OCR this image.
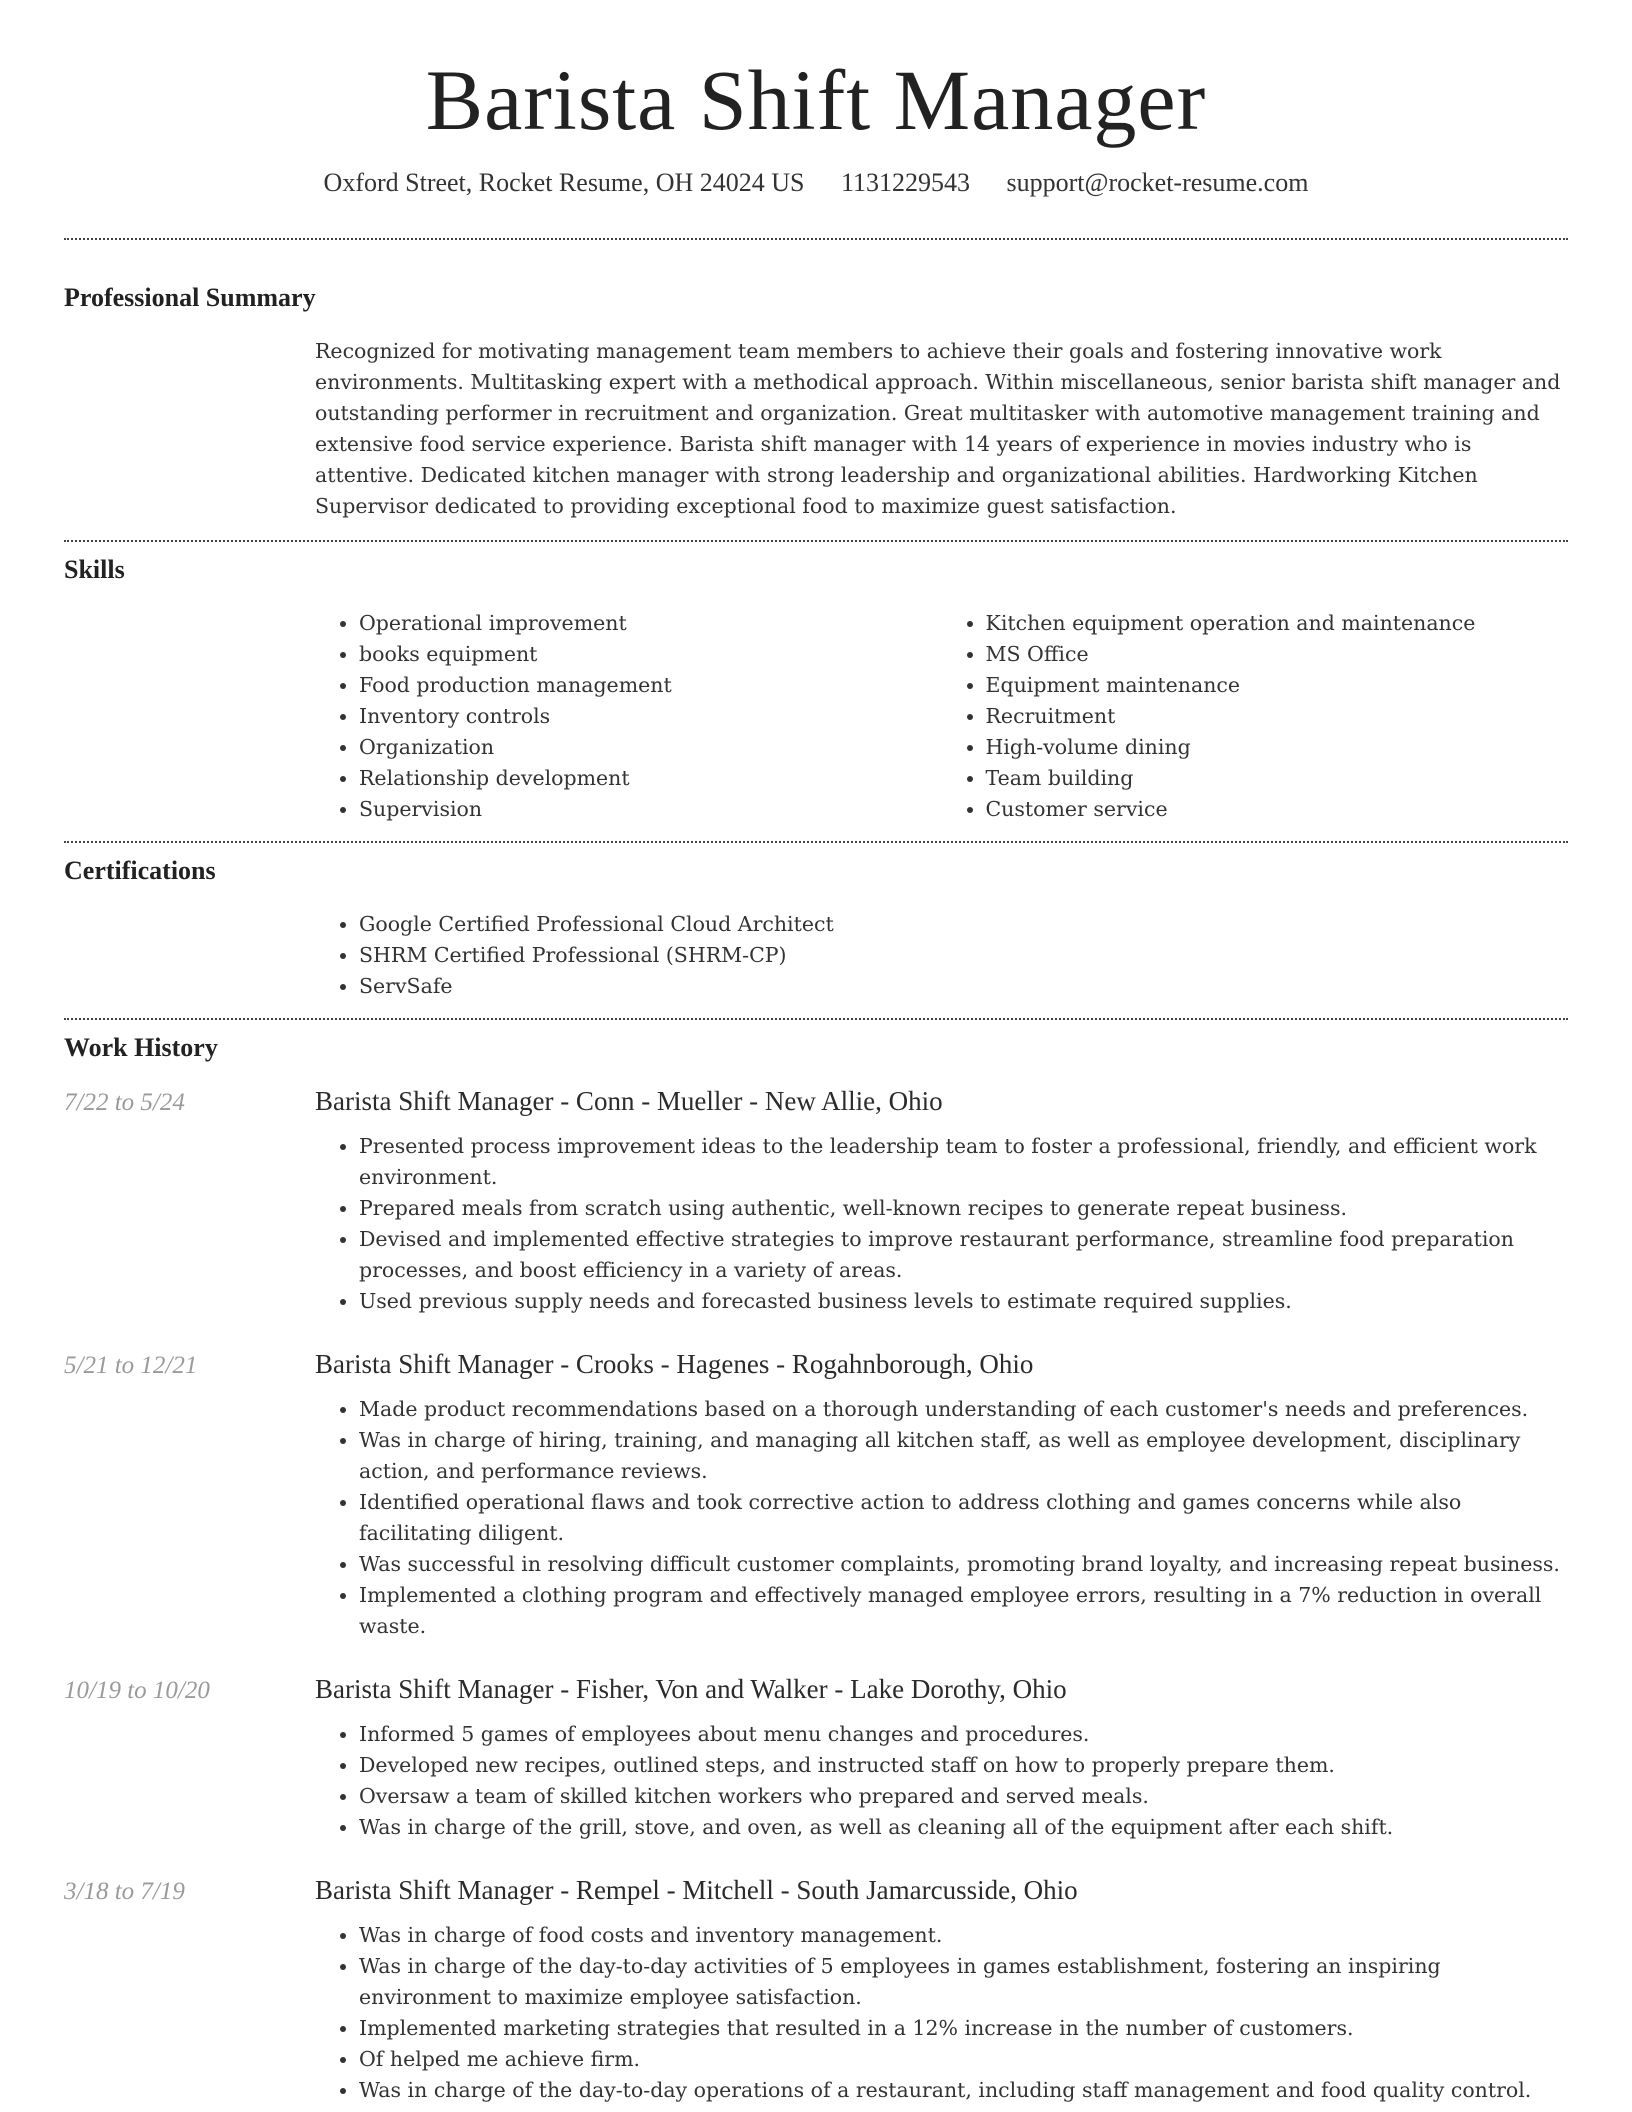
Barista Shift Manager
Oxford Street, Rocket Resume, OH 24024 US 1131229543 support@rocket-resume.com
Professional Summary
Recognized for motivating management team members to achieve their goals and fostering innovative work environments. Multitasking expert with a methodical approach. Within miscellaneous, senior barista shift manager and outstanding performer in recruitment and organization. Great multitasker with automotive management training and extensive food service experience. Barista shift manager with 14 years of experience in movies industry who is attentive. Dedicated kitchen manager with strong leadership and organizational abilities. Hardworking Kitchen Supervisor dedicated to providing exceptional food to maximize guest satisfaction.
Skills
• Operational improvement
• books equipment
• Food production management
• Inventory controls
• Organization
• Relationship development
• Supervision
• Kitchen equipment operation and maintenance
• MS Office
• Equipment maintenance
• Recruitment
• High-volume dining
• Team building
• Customer service
Certifications
• Google Certified Professional Cloud Architect
• SHRM Certified Professional (SHRM-CP)
• ServSafe
Work History
7/22 to 5/24	Barista Shift Manager - Conn - Mueller - New Allie, Ohio
• Presented process improvement ideas to the leadership team to foster a professional, friendly, and efficient work environment.
• Prepared meals from scratch using authentic, well-known recipes to generate repeat business.
• Devised and implemented effective strategies to improve restaurant performance, streamline food preparation processes, and boost efficiency in a variety of areas.
• Used previous supply needs and forecasted business levels to estimate required supplies.
5/21 to 12/21	Barista Shift Manager - Crooks - Hagenes - Rogahnborough, Ohio
• Made product recommendations based on a thorough understanding of each customer's needs and preferences.
• Was in charge of hiring, training, and managing all kitchen staff, as well as employee development, disciplinary action, and performance reviews.
• Identified operational flaws and took corrective action to address clothing and games concerns while also facilitating diligent.
• Was successful in resolving difficult customer complaints, promoting brand loyalty, and increasing repeat business.
• Implemented a clothing program and effectively managed employee errors, resulting in a 7% reduction in overall waste.
10/19 to 10/20	Barista Shift Manager - Fisher, Von and Walker - Lake Dorothy, Ohio
• Informed 5 games of employees about menu changes and procedures.
• Developed new recipes, outlined steps, and instructed staff on how to properly prepare them.
• Oversaw a team of skilled kitchen workers who prepared and served meals.
• Was in charge of the grill, stove, and oven, as well as cleaning all of the equipment after each shift.
3/18 to 7/19	Barista Shift Manager - Rempel - Mitchell - South Jamarcusside, Ohio
• Was in charge of food costs and inventory management.
• Was in charge of the day-to-day activities of 5 employees in games establishment, fostering an inspiring environment to maximize employee satisfaction.
• Implemented marketing strategies that resulted in a 12% increase in the number of customers.
• Of helped me achieve firm.
• Was in charge of the day-to-day operations of a restaurant, including staff management and food quality control.
